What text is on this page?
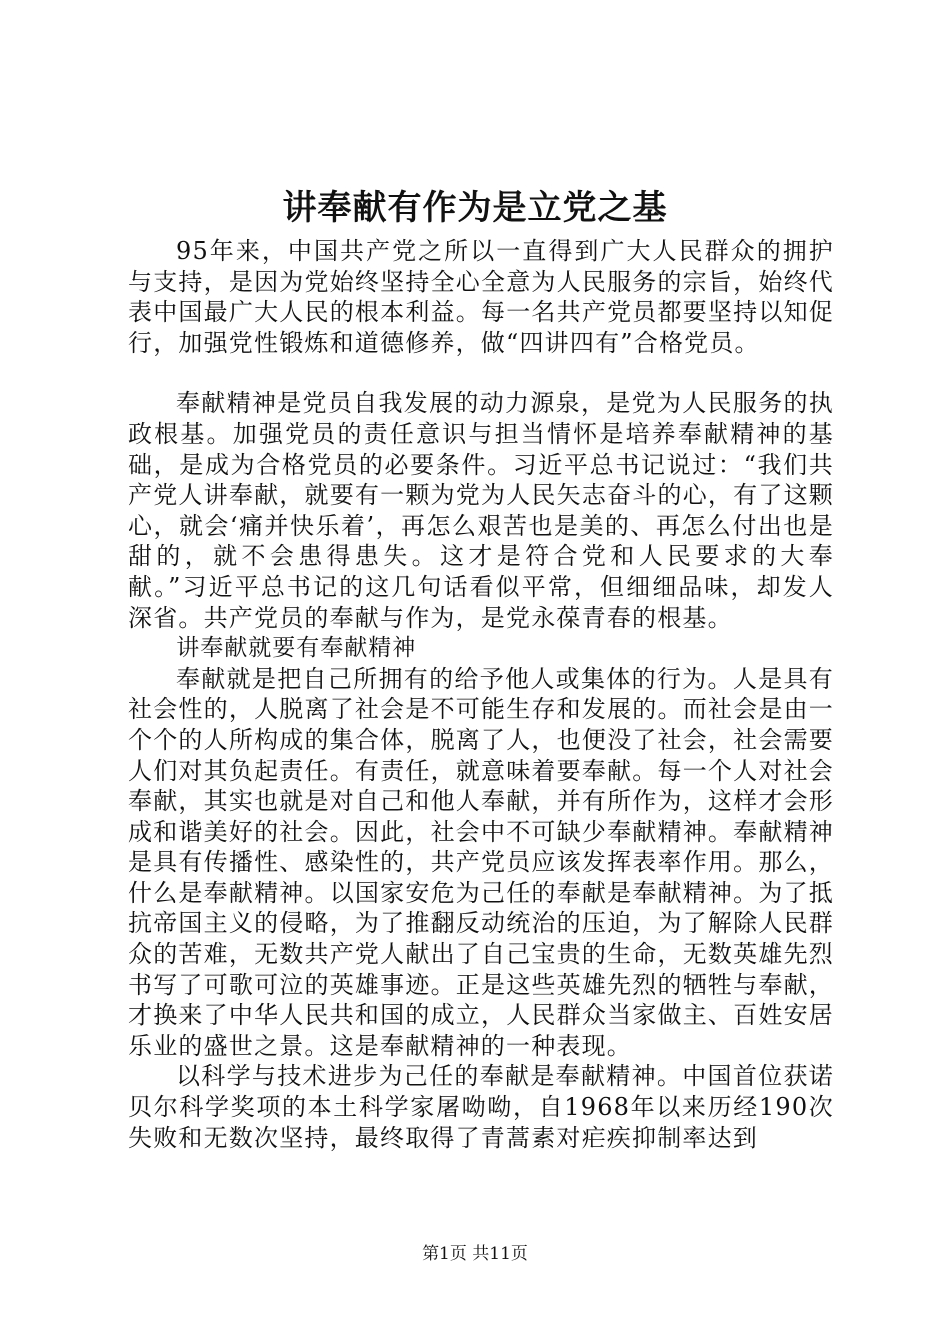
讲奉献有作为是立党之基

95年来，中国共产党之所以一直得到广大人民群众的拥护与支持，是因为党始终坚持全心全意为人民服务的宗旨，始终代表中国最广大人民的根本利益。每一名共产党员都要坚持以知促行，加强党性锻炼和道德修养，做“四讲四有”合格党员。

奉献精神是党员自我发展的动力源泉，是党为人民服务的执政根基。加强党员的责任意识与担当情怀是培养奉献精神的基础，是成为合格党员的必要条件。习近平总书记说过：“我们共产党人讲奉献，就要有一颗为党为人民矢志奋斗的心，有了这颗心，就会‘痛并快乐着’，再怎么艰苦也是美的、再怎么付出也是甜的，就不会患得患失。这才是符合党和人民要求的大奉献。”习近平总书记的这几句话看似平常，但细细品味，却发人深省。共产党员的奉献与作为，是党永葆青春的根基。

讲奉献就要有奉献精神

奉献就是把自己所拥有的给予他人或集体的行为。人是具有社会性的，人脱离了社会是不可能生存和发展的。而社会是由一个个的人所构成的集合体，脱离了人，也便没了社会，社会需要人们对其负起责任。有责任，就意味着要奉献。每一个人对社会奉献，其实也就是对自己和他人奉献，并有所作为，这样才会形成和谐美好的社会。因此，社会中不可缺少奉献精神。奉献精神是具有传播性、感染性的，共产党员应该发挥表率作用。那么，什么是奉献精神。以国家安危为己任的奉献是奉献精神。为了抵抗帝国主义的侵略，为了推翻反动统治的压迫，为了解除人民群众的苦难，无数共产党人献出了自己宝贵的生命，无数英雄先烈书写了可歌可泣的英雄事迹。正是这些英雄先烈的牺牲与奉献，才换来了中华人民共和国的成立，人民群众当家做主、百姓安居乐业的盛世之景。这是奉献精神的一种表现。

以科学与技术进步为己任的奉献是奉献精神。中国首位获诺贝尔科学奖项的本土科学家屠呦呦，自1968年以来历经190次失败和无数次坚持，最终取得了青蒿素对疟疾抑制率达到

第1页 共11页
